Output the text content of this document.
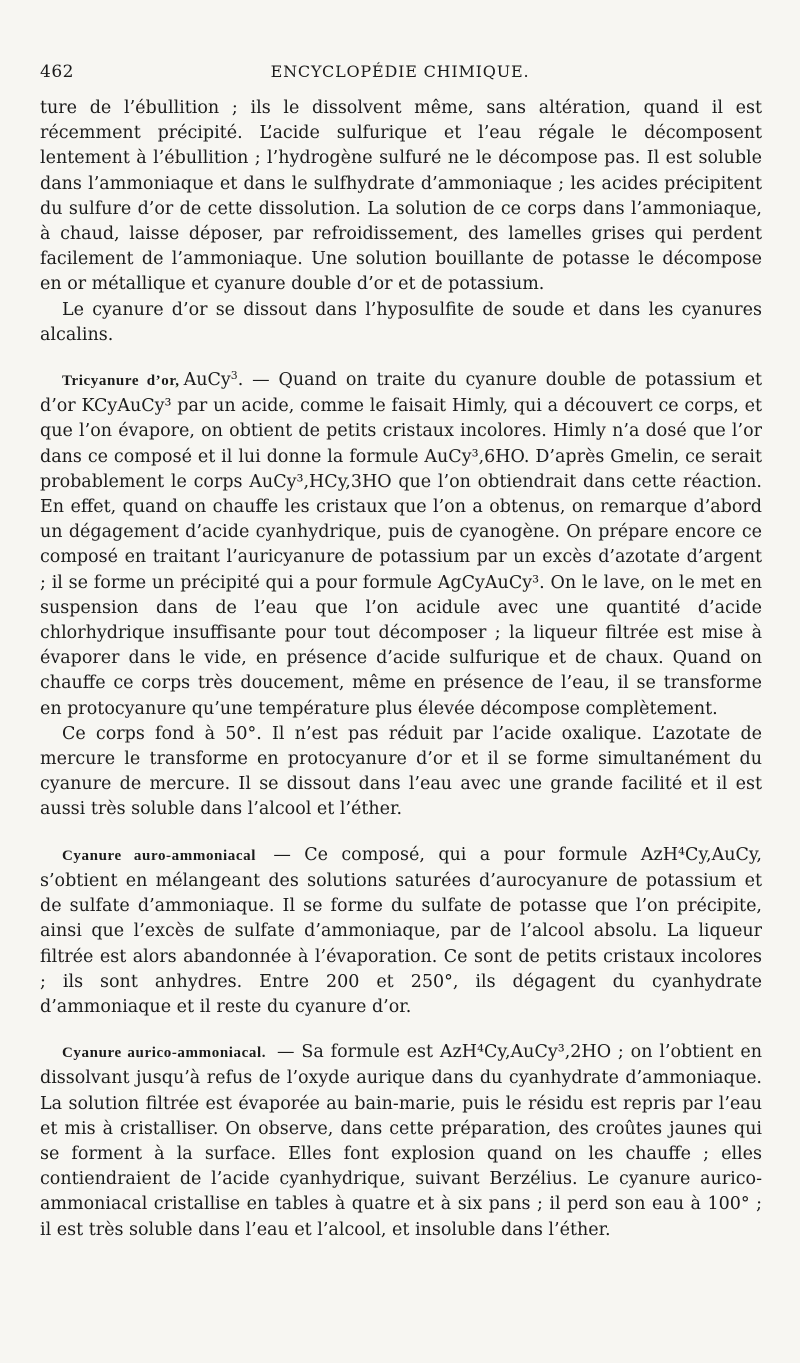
462	ENCYCLOPÉDIE CHIMIQUE.

ture de l’ébullition ; ils le dissolvent même, sans altération, quand il est récemment précipité. L’acide sulfurique et l’eau régale le décomposent lentement à l’ébullition ; l’hydrogène sulfuré ne le décompose pas. Il est soluble dans l’ammoniaque et dans le sulfhydrate d’ammoniaque ; les acides précipitent du sulfure d’or de cette dissolution. La solution de ce corps dans l’ammoniaque, à chaud, laisse déposer, par refroidissement, des lamelles grises qui perdent facilement de l’ammoniaque. Une solution bouillante de potasse le décompose en or métallique et cyanure double d’or et de potassium.

Le cyanure d’or se dissout dans l’hyposulfite de soude et dans les cyanures alcalins.

Tricyanure d’or, AuCy$^3$. — Quand on traite du cyanure double de potassium et d’or KCyAuCy³ par un acide, comme le faisait Himly, qui a découvert ce corps, et que l’on évapore, on obtient de petits cristaux incolores. Himly n’a dosé que l’or dans ce composé et il lui donne la formule AuCy³,6HO. D’après Gmelin, ce serait probablement le corps AuCy³,HCy,3HO que l’on obtiendrait dans cette réaction. En effet, quand on chauffe les cristaux que l’on a obtenus, on remarque d’abord un dégagement d’acide cyanhydrique, puis de cyanogène. On prépare encore ce composé en traitant l’auricyanure de potassium par un excès d’azotate d’argent ; il se forme un précipité qui a pour formule AgCyAuCy³. On le lave, on le met en suspension dans de l’eau que l’on acidule avec une quantité d’acide chlorhydrique insuffisante pour tout décomposer ; la liqueur filtrée est mise à évaporer dans le vide, en présence d’acide sulfurique et de chaux. Quand on chauffe ce corps très doucement, même en présence de l’eau, il se transforme en protocyanure qu’une température plus élevée décompose complètement.

Ce corps fond à 50°. Il n’est pas réduit par l’acide oxalique. L’azotate de mercure le transforme en protocyanure d’or et il se forme simultanément du cyanure de mercure. Il se dissout dans l’eau avec une grande facilité et il est aussi très soluble dans l’alcool et l’éther.

Cyanure auro-ammoniacal — Ce composé, qui a pour formule AzH⁴Cy,AuCy, s’obtient en mélangeant des solutions saturées d’aurocyanure de potassium et de sulfate d’ammoniaque. Il se forme du sulfate de potasse que l’on précipite, ainsi que l’excès de sulfate d’ammoniaque, par de l’alcool absolu. La liqueur filtrée est alors abandonnée à l’évaporation. Ce sont de petits cristaux incolores ; ils sont anhydres. Entre 200 et 250°, ils dégagent du cyanhydrate d’ammoniaque et il reste du cyanure d’or.

Cyanure aurico-ammoniacal. — Sa formule est AzH⁴Cy,AuCy³,2HO ; on l’obtient en dissolvant jusqu’à refus de l’oxyde aurique dans du cyanhydrate d’ammoniaque. La solution filtrée est évaporée au bain-marie, puis le résidu est repris par l’eau et mis à cristalliser. On observe, dans cette préparation, des croûtes jaunes qui se forment à la surface. Elles font explosion quand on les chauffe ; elles contiendraient de l’acide cyanhydrique, suivant Berzélius. Le cyanure aurico-ammoniacal cristallise en tables à quatre et à six pans ; il perd son eau à 100° ; il est très soluble dans l’eau et l’alcool, et insoluble dans l’éther.
